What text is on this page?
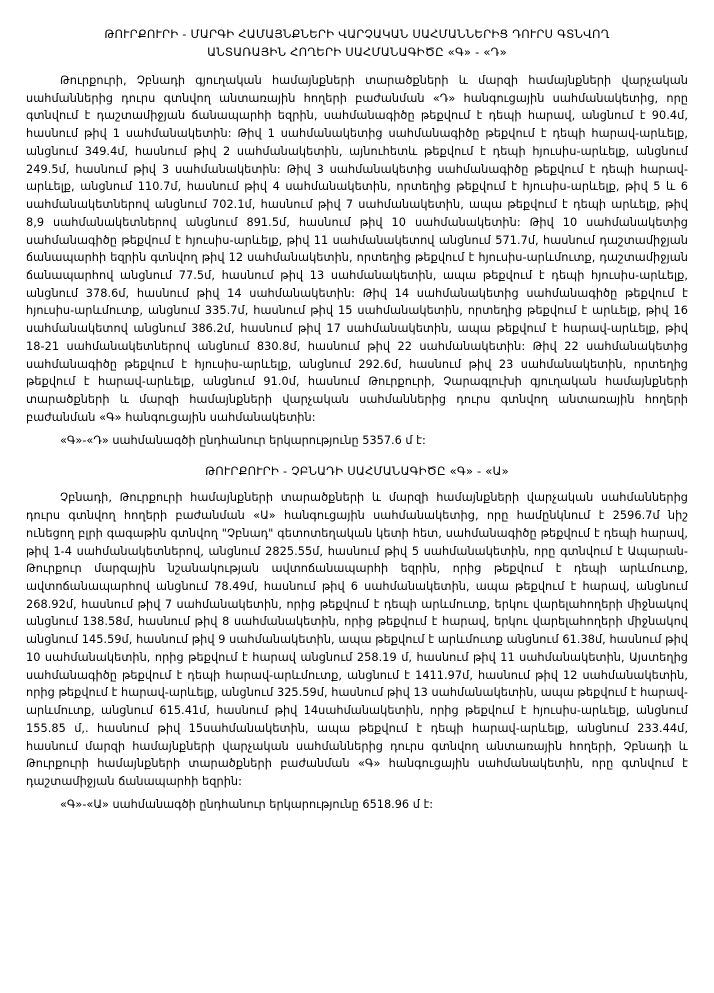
ԹՈՒՐՔՈՒՐԻ - ՄԱՐԳԻ ՀԱՄԱՅՆՔՆԵՐԻ ՎԱՐՉԱԿԱՆ ՍԱՀՄԱՆՆԵՐԻՑ ԴՈՒՐՍ ԳՏՆՎՈՂ
ԱՆՏԱՌԱՅԻՆ ՀՈՂԵՐԻ ՍԱՀՄԱՆԱԳԻԾԸ «Գ» - «Դ»

Թուրքուրի, Չբնադի գյուղական համայնքների տարածքների և մարզի համայնքների վարչական սահմաններից դուրս գտնվող անտառային հողերի բաժանման «Դ» հանգուցային սահմանակետից, որը գտնվում է դաշտամիջյան ճանապարհի եզրին, սահմանագիծը թեքվում է դեպի հարավ, անցնում է 90.4մ, հասնում թիվ 1 սահմանակետին: Թիվ 1 սահմանակետից սահմանագիծը թեքվում է դեպի հարավ-արևելք, անցնում 349.4մ, հասնում թիվ 2 սահմանակետին, այնուհետև թեքվում է դեպի հյուսիս-արևելք, անցնում 249.5մ, հասնում թիվ 3 սահմանակետին: Թիվ 3 սահմանակետից սահմանագիծը թեքվում է դեպի հարավ-արևելք, անցնում 110.7մ, հասնում թիվ 4 սահմանակետին, որտեղից թեքվում է հյուսիս-արևելք, թիվ 5 և 6 սահմանակետներով անցնում 702.1մ, հասնում թիվ 7 սահմանակետին, ապա թեքվում է դեպի արևելք, թիվ 8,9 սահմանակետներով անցնում 891.5մ, հասնում թիվ 10 սահմանակետին: Թիվ 10 սահմանակետից սահմանագիծը թեքվում է հյուսիս-արևելք, թիվ 11 սահմանակետով անցնում 571.7մ, հասնում դաշտամիջյան ճանապարհի եզրին գտնվող թիվ 12 սահմանակետին, որտեղից թեքվում է հյուսիս-արևմուտք, դաշտամիջյան ճանապարհով անցնում 77.5մ, հասնում թիվ 13 սահմանակետին, ապա թեքվում է դեպի հյուսիս-արևելք, անցնում 378.6մ, հասնում թիվ 14 սահմանակետին: Թիվ 14 սահմանակետից սահմանագիծը թեքվում է հյուսիս-արևմուտք, անցնում 335.7մ, հասնում թիվ 15 սահմանակետին, որտեղից թեքվում է արևելք, թիվ 16 սահմանակետով անցնում 386.2մ, հասնում թիվ 17 սահմանակետին, ապա թեքվում է հարավ-արևելք, թիվ 18-21 սահմանակետներով անցնում 830.8մ, հասնում թիվ 22 սահմանակետին: Թիվ 22 սահմանակետից սահմանագիծը թեքվում է հյուսիս-արևելք, անցնում 292.6մ, հասնում թիվ 23 սահմանակետին, որտեղից թեքվում է հարավ-արևելք, անցնում 91.0մ, հասնում Թուրքուրի, Չարագլուխի գյուղական համայնքների տարածքների և մարզի համայնքների վարչական սահմաններից դուրս գտնվող անտառային հողերի բաժանման «Գ» հանգուցային սահմանակետին:

«Գ»-«Դ» սահմանագծի ընդհանուր երկարությունը 5357.6 մ է:

ԹՈՒՐՔՈՒՐԻ - ՉԲՆԱԴԻ ՍԱՀՄԱՆԱԳԻԾԸ «Գ» - «Ա»

Չբնադի, Թուրքուրի համայնքների տարածքների և մարզի համայնքների վարչական սահմաններից դուրս գտնվող հողերի բաժանման «Ա» հանգուցային սահմանակետից, որը համընկնում է 2596.7մ նիշ ունեցող բլրի գագաթին գտնվող "Չբնադ" գետոտեղական կետի հետ, սահմանագիծը թեքվում է դեպի հարավ, թիվ 1-4 սահմանակետներով, անցնում 2825.55մ, հասնում թիվ 5 սահմանակետին, որը գտնվում է Ապարան-Թուրքուր մարզային նշանակության ավտոճանապարհի եզրին, որից թեքվում է դեպի արևմուտք, ավտոճանապարհով անցնում 78.49մ, հասնում թիվ 6 սահմանակետին, ապա թեքվում է հարավ, անցնում 268.92մ, հասնում թիվ 7 սահմանակետին, որից թեքվում է դեպի արևմուտք, երկու վարելահողերի միջնակով անցնում 138.58մ, հասնում թիվ 8 սահմանակետին, որից թեքվում է հարավ, երկու վարելահողերի միջնակով անցնում 145.59մ, հասնում թիվ 9 սահմանակետին, ապա թեքվում է արևմուտք անցնում 61.38մ, հասնում թիվ 10 սահմանակետին, որից թեքվում է հարավ անցնում 258.19 մ, հասնում թիվ 11 սահմանակետին, Այստեղից սահմանագիծը թեքվում է դեպի հարավ-արևմուտք, անցնում է 1411.97մ, հասնում թիվ 12 սահմանակետին, որից թեքվում է հարավ-արևելք, անցնում 325.59մ, հասնում թիվ 13 սահմանակետին, ապա թեքվում է հարավ-արևմուտք, անցնում 615.41մ, հասնում թիվ 14սահմանակետին, որից թեքվում է հյուսիս-արևելք, անցնում 155.85 մ,. հասնում թիվ 15սահմանակետին, ապա թեքվում է դեպի հարավ-արևելք, անցնում 233.44մ, հասնում մարզի համայնքների վարչական սահմաններից դուրս գտնվող անտառային հողերի, Չբնադի և Թուրքուրի համայնքների տարածքների բաժանման «Գ» հանգուցային սահմանակետին, որը գտնվում է դաշտամիջյան ճանապարհի եզրին:

«Գ»-«Ա» սահմանագծի ընդհանուր երկարությունը 6518.96 մ է:
